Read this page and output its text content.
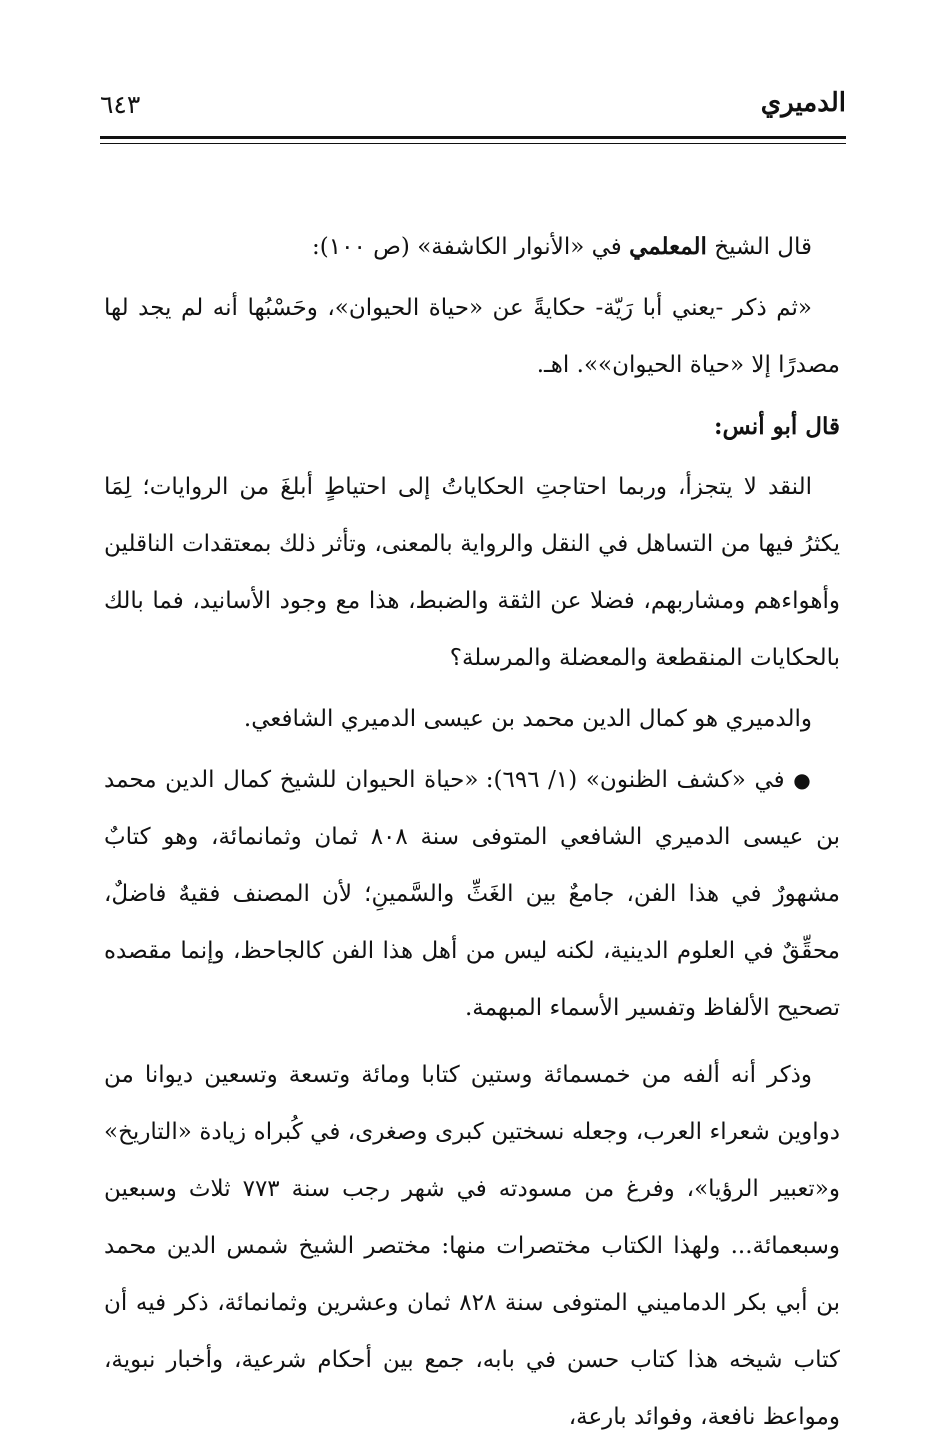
الدميري
٦٤٣

قال الشيخ المعلمي في «الأنوار الكاشفة» (ص ١٠٠):

«ثم ذكر -يعني أبا رَيّة- حكايةً عن «حياة الحيوان»، وحَسْبُها أنه لم يجد لها مصدرًا إلا «حياة الحيوان»». اهـ.

قال أبو أنس:

النقد لا يتجزأ، وربما احتاجتِ الحكاياتُ إلى احتياطٍ أبلغَ من الروايات؛ لِمَا يكثرُ فيها من التساهل في النقل والرواية بالمعنى، وتأثر ذلك بمعتقدات الناقلين وأهواءهم ومشاربهم، فضلا عن الثقة والضبط، هذا مع وجود الأسانيد، فما بالك بالحكايات المنقطعة والمعضلة والمرسلة؟

والدميري هو كمال الدين محمد بن عيسى الدميري الشافعي.

● في «كشف الظنون» (١/ ٦٩٦): «حياة الحيوان للشيخ كمال الدين محمد بن عيسى الدميري الشافعي المتوفى سنة ٨٠٨ ثمان وثمانمائة، وهو كتابٌ مشهورٌ في هذا الفن، جامعٌ بين الغَثِّ والسَّمينِ؛ لأن المصنف فقيهٌ فاضلٌ، محقِّقٌ في العلوم الدينية، لكنه ليس من أهل هذا الفن كالجاحظ، وإنما مقصده تصحيح الألفاظ وتفسير الأسماء المبهمة.

وذكر أنه ألفه من خمسمائة وستين كتابا ومائة وتسعة وتسعين ديوانا من دواوين شعراء العرب، وجعله نسختين كبرى وصغرى، في كُبراه زيادة «التاريخ» و«تعبير الرؤيا»، وفرغ من مسودته في شهر رجب سنة ٧٧٣ ثلاث وسبعين وسبعمائة... ولهذا الكتاب مختصرات منها: مختصر الشيخ شمس الدين محمد بن أبي بكر الدماميني المتوفى سنة ٨٢٨ ثمان وعشرين وثمانمائة، ذكر فيه أن كتاب شيخه هذا كتاب حسن في بابه، جمع بين أحكام شرعية، وأخبار نبوية، ومواعظ نافعة، وفوائد بارعة،
